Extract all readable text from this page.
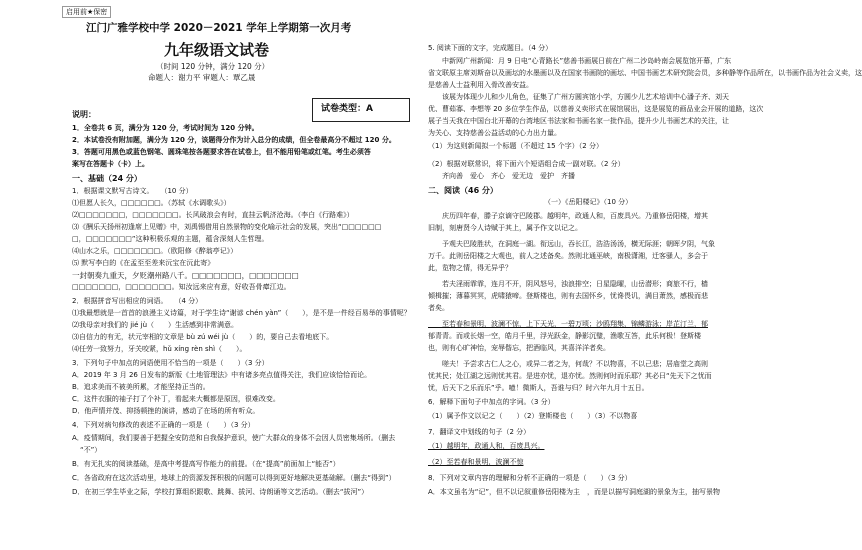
启用前★保密
江门广雅学校中学 2020－2021 学年上学期第一次月考
九年级语文试卷
（时间 120 分钟，满分 120 分）
命题人：谢力平 审题人：覃乙晟
试卷类型：A
说明：
1．全卷共 6 页，满分为 120 分，考试时间为 120 分钟。
2．本试卷没有附加题，满分为 120 分，该题得分作为计入总分的成绩，但全卷最高分不超过 120 分。
3．答题可用黑色或蓝色钢笔、圆珠笔按各题要求答在试卷上，但不能用铅笔或红笔。考生必须答
案写在答题卡（卡）上。
一、基础（24 分）
1．根据课文默写古诗文。　　（10 分）
⑴但愿人长久，□□□□□□。（苏轼《水调歌头》）
⑵□□□□□□□，□□□□□□□。长风破浪会有时，直挂云帆济沧海。（李白《行路难》）
⑶《酬乐天扬州初逢席上见赠》中，刘禹锡借用自然景物的变化喻示社会的发展，突出“□□□□□□
□，□□□□□□□”这种积极乐观的主题，蕴含深刻人生哲理。
⑷山水之乐，□□□□□□□。（欧阳修《醉翁亭记》）
⑸ 默写李白的《在孟至至差来沅宝在沅此寄》
一封朝奏九重天，夕贬潮州路八千。□□□□□□□，□□□□□□□
□□□□□□□，□□□□□□□。知汝远来应有意，好收吾骨瘴江边。
2．根据拼音写出相应的词语。　　（4 分）
⑴我最想就是一首首的浪漫主义诗篇，对于学生诗“谢谚 chén yàn”（　　），是不是一件经百易举的事情呢？
⑵我母亲对我们的 jié jù（　　）生活感到非常满意。
⑶自信力的有无，状元宰相的文章是 bù zú wéi jù（　　）的，要自己去看地底下。
⑷任劳一致努力，牙关咬紧，hǔ xíng rèn shì（　　）。
3．下列句子中加点的词语使用不恰当的一项是（　　）（3 分）
A．2019 年 3 月 26 日发布的新版《土地管理法》中有诸多亮点值得关注，我们应该恰恰而论。
B．追求美而不被美所累，才能坚持正当的。
C．这件衣服的袖子打了个补丁，看起来大概都是原因，很难改变。
D．他声情并茂、抑扬顿挫的演讲，感动了在场的所有听众。
4．下列对病句修改的表述不正确的一项是（　　）（3 分）
A．疫情期间，我们要善于把握全安防范和自我保护意识，使广大群众的身体不会因人员密集场所。（删去
“不”）
B．有无扎实的阅读基础，是高中考提高写作能力的前提。（在“提高”前面加上“能否”）
C．各省政府在这次活动里，地球上的资源发挥积极的问题可以得到更好地解决更基础解。（删去“得到”）
D．在初三学生毕业之际，学校打算组织跟歌、跳舞、拔河、诗朗诵等文艺活动。（删去“拔河”）
5. 阅读下面的文字，完成题目。（4 分）
　　中新网广州新闻：月 9 日电“心青路长”慈善书画展日前在广州二沙岛岭南会展览馆开幕，广东
省文联原主席刘斯奋以及画坛的水墨画以及在国家书画院的画坛、中国书画艺术研究院会员，多种静等作品所在，以书画作品为社会义卖，这
是慈善人士益利用入骨改善安益。
　　该展为体现少儿和少儿角色，征集了广州方圆宾馆小学，方圆少儿艺术培训中心潘子齐、刘天
优、曹茹寡、李想等 20 多位学生作品，以慈善义卖形式在展馆展出，这是展览的画品业会开展的道路，这次
展子当天我在中国台北开幕的台湾地区书法家和书画名家一批作品，提升少儿书画艺术的关注，让
为关心、支持慈善公益活动的心力出力量。
（1）为这则新闻拟一个标题（不超过 15 个字）（2 分）
（2）根据对联常识，将下面六个短语组合成一副对联。（2 分）
　　齐向善　爱心　齐心　爱无边　爱护　齐播
二、阅读（46 分）
（一）《岳阳楼记》（10 分）
　　庆历四年春，滕子京谪守巴陵郡。越明年，政通人和，百废具兴。乃重修岳阳楼，增其
旧制，刻唐贤今人诗赋于其上，属予作文以记之。
　　予观夫巴陵胜状，在洞庭一湖。衔远山，吞长江，浩浩汤汤，横无际涯；朝晖夕阴，气象
万千。此则岳阳楼之大观也，前人之述备矣。然则北通巫峡，南极潇湘，迁客骚人，多会于
此，览物之情，得无异乎？
　　若夫淫雨霏霏，连月不开，阴风怒号，浊浪排空；日星隐曜，山岳潜形；商旅不行，樯
倾楫摧；薄暮冥冥，虎啸猿啼。登斯楼也，则有去国怀乡，忧谗畏讥，满目萧然，感极而悲
者矣。
　　至若春和景明，波澜不惊，上下天光，一碧万顷；沙鸥翔集，锦鳞游泳；岸芷汀兰，郁
郁青青。而或长烟一空，皓月千里，浮光跃金，静影沉璧，渔歌互答，此乐何极！登斯楼
也，则有心旷神怡，宠辱偕忘，把酒临风，其喜洋洋者矣。
　　嗟夫！予尝求古仁人之心，或异二者之为，何哉？不以物喜，不以己悲；居庙堂之高则
忧其民；处江湖之远则忧其君。是进亦忧，退亦忧。然则何时而乐耶？其必曰“先天下之忧而
忧，后天下之乐而乐”乎。噫！微斯人，吾谁与归？时六年九月十五日。
6．解释下面句子中加点的字词。（3 分）
（1）属予作文以记之（　　）（2）登斯楼也（　　）（3）不以物喜
7．翻译文中划线的句子（2 分）
（1）越明年，政通人和，百废具兴。
（2）至若春和景明，波澜不惊
8．下列对文章内容的理解和分析不正确的一项是（　　）（3 分）
A．本文虽名为“记”，但不以记叙重修岳阳楼为主　，而是以描写洞庭湖的景象为主，抽写景物
